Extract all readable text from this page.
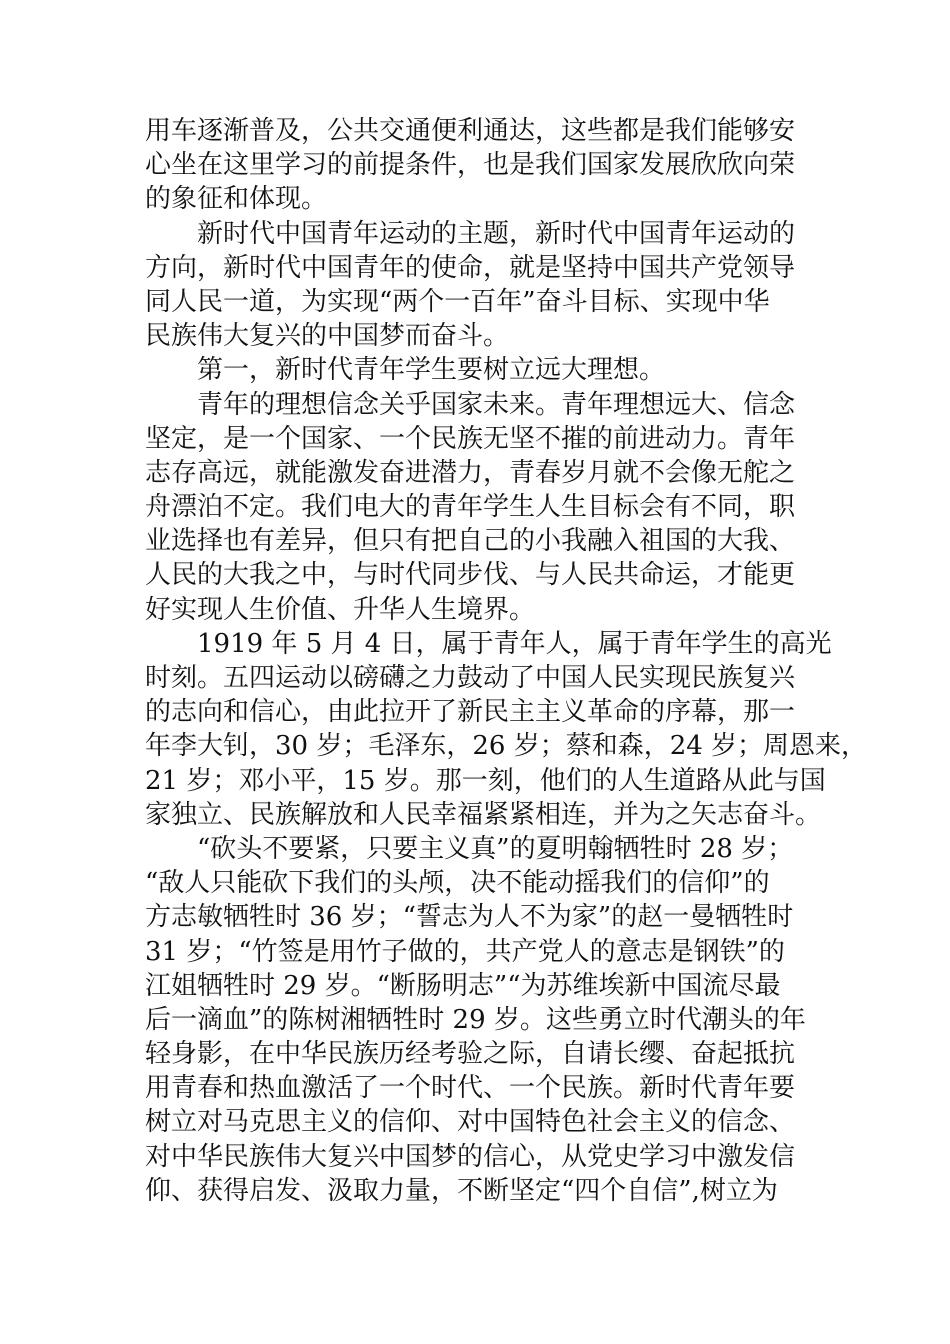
用车逐渐普及，公共交通便利通达，这些都是我们能够安
心坐在这里学习的前提条件，也是我们国家发展欣欣向荣
的象征和体现。
新时代中国青年运动的主题，新时代中国青年运动的
方向，新时代中国青年的使命，就是坚持中国共产党领导
同人民一道，为实现“两个一百年”奋斗目标、实现中华
民族伟大复兴的中国梦而奋斗。
第一，新时代青年学生要树立远大理想。
青年的理想信念关乎国家未来。青年理想远大、信念
坚定，是一个国家、一个民族无坚不摧的前进动力。青年
志存高远，就能激发奋进潜力，青春岁月就不会像无舵之
舟漂泊不定。我们电大的青年学生人生目标会有不同，职
业选择也有差异，但只有把自己的小我融入祖国的大我、
人民的大我之中，与时代同步伐、与人民共命运，才能更
好实现人生价值、升华人生境界。
1919 年 5 月 4 日，属于青年人，属于青年学生的高光
时刻。五四运动以磅礴之力鼓动了中国人民实现民族复兴
的志向和信心，由此拉开了新民主主义革命的序幕，那一
年李大钊，30 岁；毛泽东，26 岁；蔡和森，24 岁；周恩来，
21 岁；邓小平，15 岁。那一刻，他们的人生道路从此与国
家独立、民族解放和人民幸福紧紧相连，并为之矢志奋斗。
“砍头不要紧，只要主义真”的夏明翰牺牲时 28 岁；
“敌人只能砍下我们的头颅，决不能动摇我们的信仰”的
方志敏牺牲时 36 岁；“誓志为人不为家”的赵一曼牺牲时
31 岁；“竹签是用竹子做的，共产党人的意志是钢铁”的
江姐牺牲时 29 岁。“断肠明志”“为苏维埃新中国流尽最
后一滴血”的陈树湘牺牲时 29 岁。这些勇立时代潮头的年
轻身影，在中华民族历经考验之际，自请长缨、奋起抵抗
用青春和热血激活了一个时代、一个民族。新时代青年要
树立对马克思主义的信仰、对中国特色社会主义的信念、
对中华民族伟大复兴中国梦的信心，从党史学习中激发信
仰、获得启发、汲取力量，不断坚定“四个自信”,树立为
